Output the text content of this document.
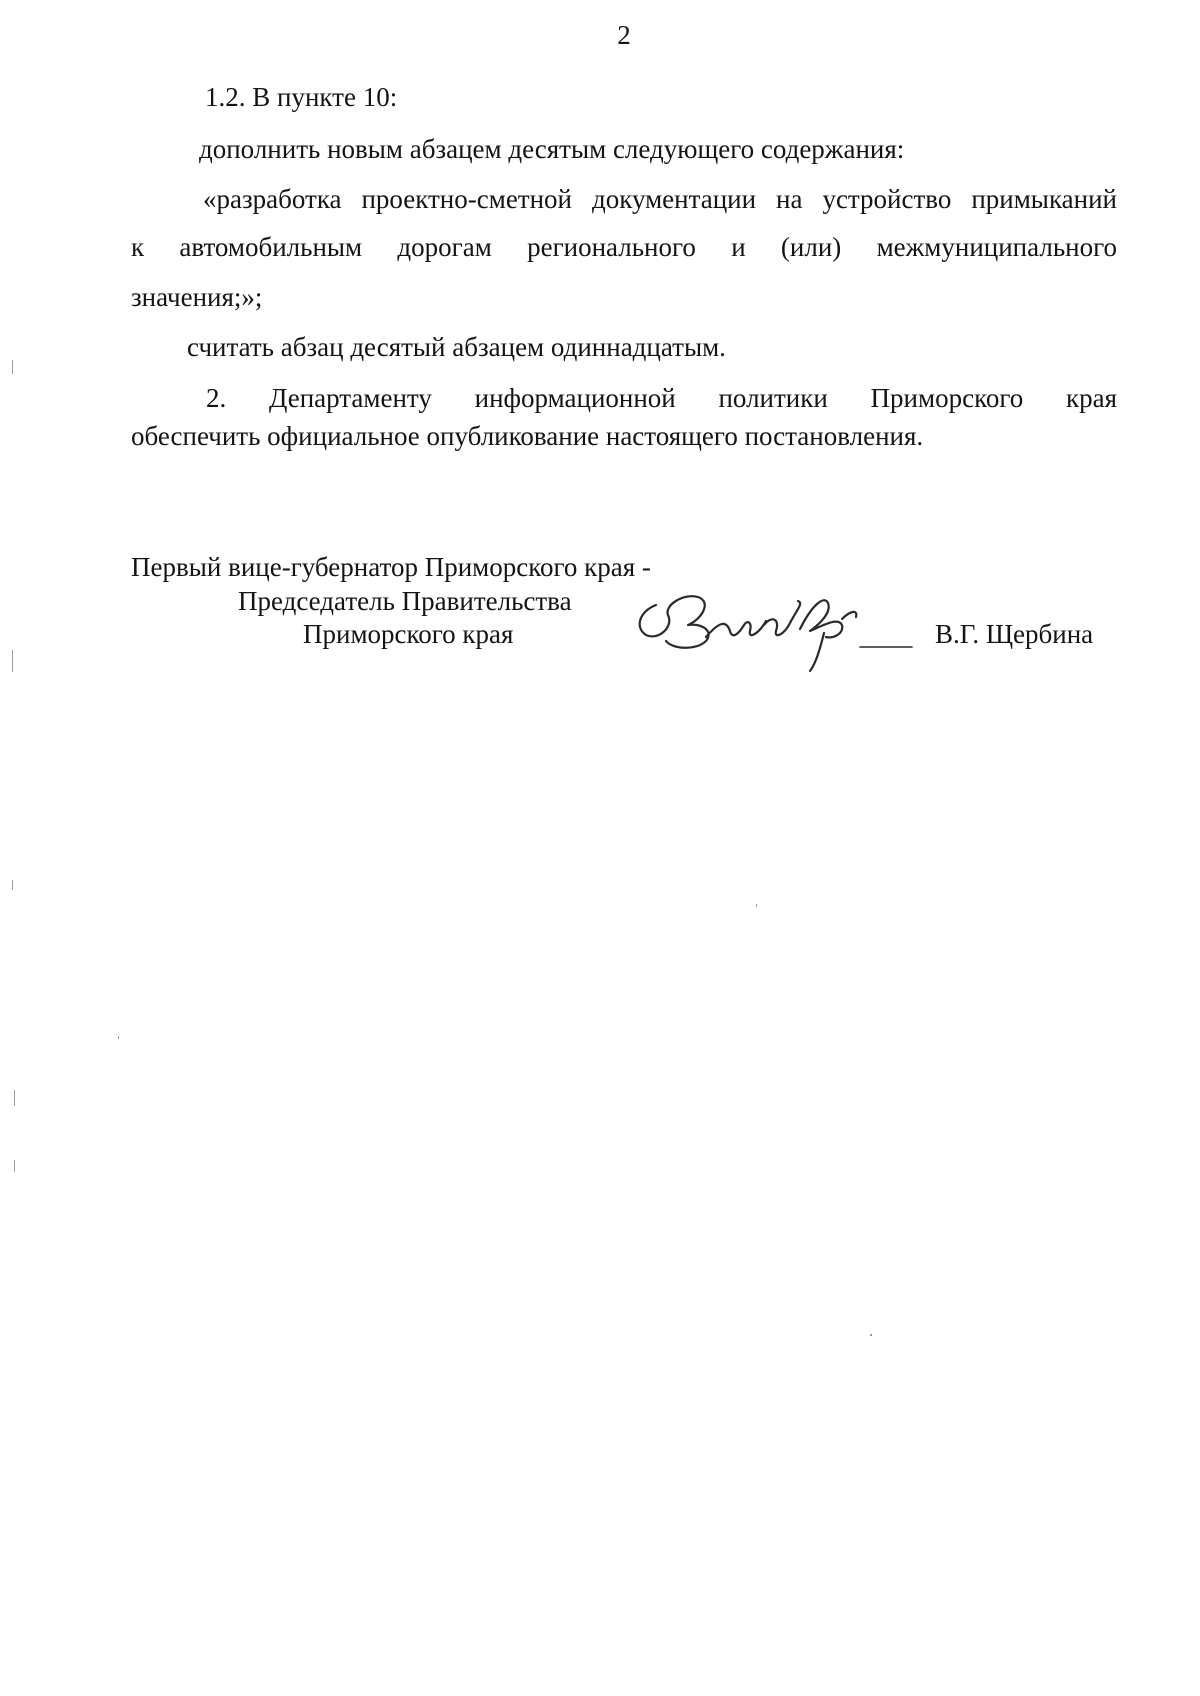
2
1.2. В пункте 10:
дополнить новым абзацем десятым следующего содержания:
«разработка проектно-сметной документации на устройство примыканий
к автомобильным дорогам регионального и (или) межмуниципального
значения;»;
считать абзац десятый абзацем одиннадцатым.
2. Департаменту информационной политики Приморского края
обеспечить официальное опубликование настоящего постановления.
Первый вице-губернатор Приморского края -
Председатель Правительства
Приморского края	В.Г. Щербина
